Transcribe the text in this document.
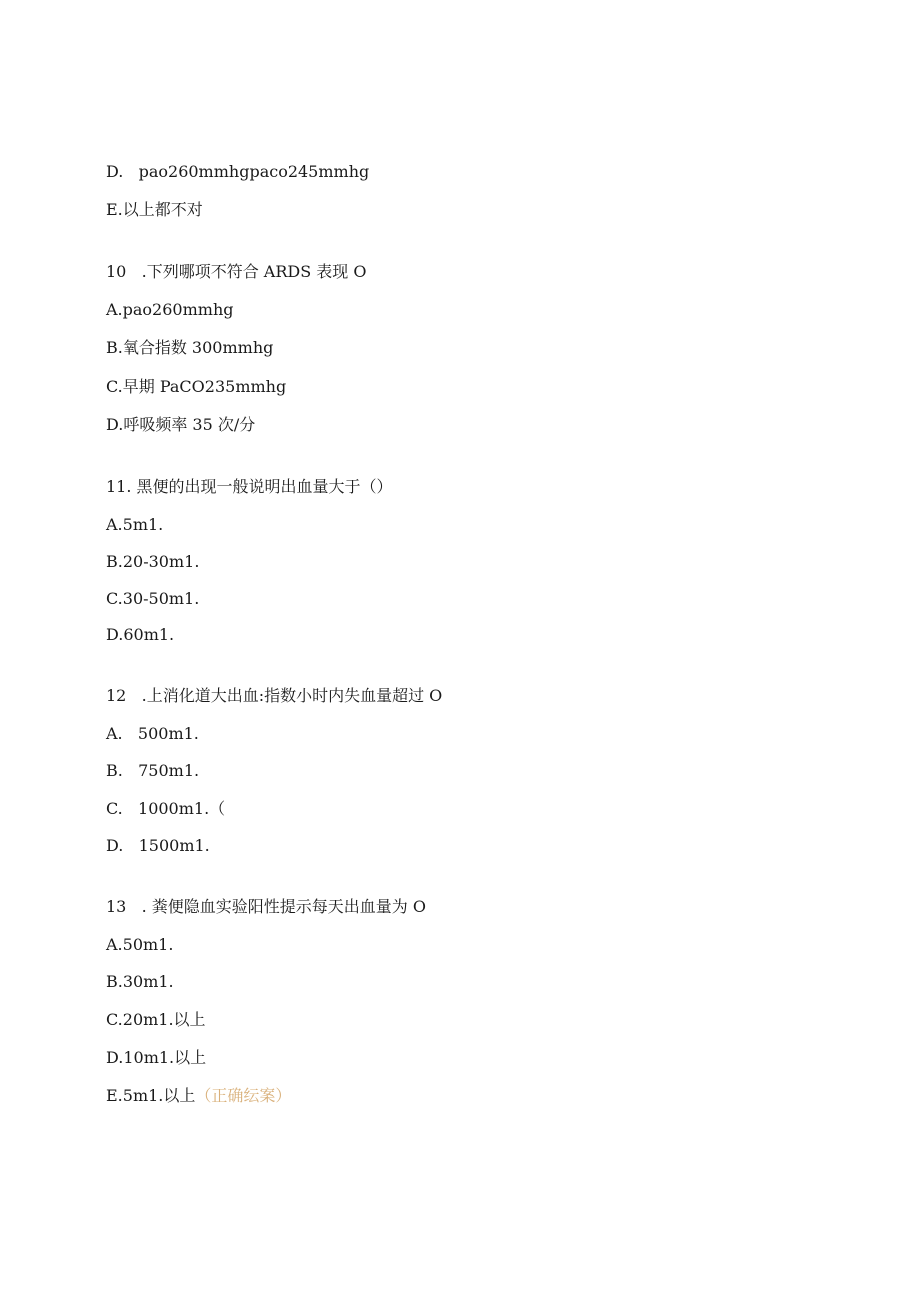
D.   pao260mmhgpaco245mmhg
E.以上都不对
10   .下列哪项不符合 ARDS 表现 O
A.pao260mmhg
B.氧合指数 300mmhg
C.早期 PaCO235mmhg
D.呼吸频率 35 次/分
11. 黑便的出现一般说明出血量大于（）
A.5m1.
B.20-30m1.
C.30-50m1.
D.60m1.
12   .上消化道大出血:指数小时内失血量超过 O
A.   500m1.
B.   750m1.
C.   1000m1.（
D.   1500m1.
13   . 粪便隐血实验阳性提示每天出血量为 O
A.50m1.
B.30m1.
C.20m1.以上
D.10m1.以上
E.5m1.以上（正确纭案）
